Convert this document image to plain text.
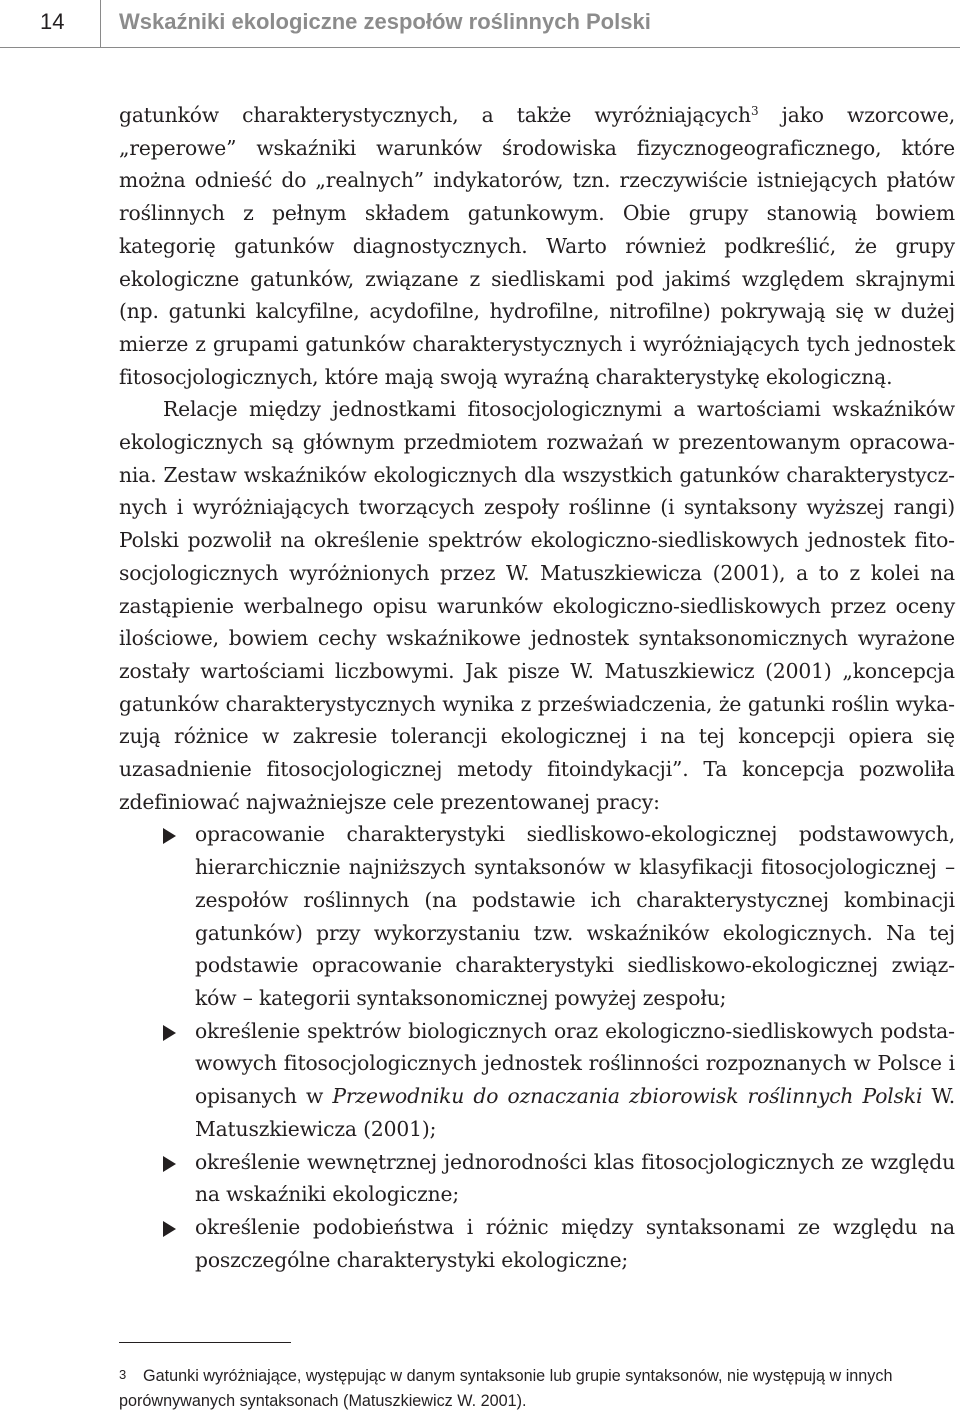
14 Wskaźniki ekologiczne zespołów roślinnych Polski

gatunków charakterystycznych, a także wyróżniających$^3$ jako wzorcowe, „reperowe” wskaźniki warunków środowiska fizycznogeograficznego, które można odnieść do „realnych” indykatorów, tzn. rzeczywiście istniejących płatów roślinnych z pełnym składem gatunkowym. Obie grupy stanowią bowiem kategorię gatunków diagnostycznych. Warto również podkreślić, że grupy ekologiczne gatunków, związane z siedliskami pod jakimś względem skrajnymi (np. gatunki kalcyfilne, acydofilne, hydrofilne, nitrofilne) pokrywają się w dużej mierze z grupami gatunków charakterystycznych i wyróżniających tych jednostek fitosocjologicznych, które mają swoją wyraźną charakterystykę ekologiczną.

Relacje między jednostkami fitosocjologicznymi a wartościami wskaźników ekologicznych są głównym przedmiotem rozważań w prezentowanym opracowania. Zestaw wskaźników ekologicznych dla wszystkich gatunków charakterystycznych i wyróżniających tworzących zespoły roślinne (i syntaksony wyższej rangi) Polski pozwolił na określenie spektrów ekologiczno-siedliskowych jednostek fitosocjologicznych wyróżnionych przez W. Matuszkiewicza (2001), a to z kolei na zastąpienie werbalnego opisu warunków ekologiczno-siedliskowych przez oceny ilościowe, bowiem cechy wskaźnikowe jednostek syntaksonomicznych wyrażone zostały wartościami liczbowymi. Jak pisze W. Matuszkiewicz (2001) „koncepcja gatunków charakterystycznych wynika z przeświadczenia, że gatunki roślin wykazują różnice w zakresie tolerancji ekologicznej i na tej koncepcji opiera się uzasadnienie fitosocjologicznej metody fitoindykacji”. Ta koncepcja pozwoliła zdefiniować najważniejsze cele prezentowanej pracy:

opracowanie charakterystyki siedliskowo-ekologicznej podstawowych, hierarchicznie najniższych syntaksonów w klasyfikacji fitosocjologicznej –zespołów roślinnych (na podstawie ich charakterystycznej kombinacji gatunków) przy wykorzystaniu tzw. wskaźników ekologicznych. Na tej podstawie opracowanie charakterystyki siedliskowo-ekologicznej związków – kategorii syntaksonomicznej powyżej zespołu;
określenie spektrów biologicznych oraz ekologiczno-siedliskowych podstawowych fitosocjologicznych jednostek roślinności rozpoznanych w Polsce i opisanych w Przewodniku do oznaczania zbiorowisk roślinnych Polski W. Matuszkiewicza (2001);
określenie wewnętrznej jednorodności klas fitosocjologicznych ze względu na wskaźniki ekologiczne;
określenie podobieństwa i różnic między syntaksonami ze względu na poszczególne charakterystyki ekologiczne;
3	Gatunki wyróżniające, występując w danym syntaksonie lub grupie syntaksonów, nie występują w innych porównywanych syntaksonach (Matuszkiewicz W. 2001).
